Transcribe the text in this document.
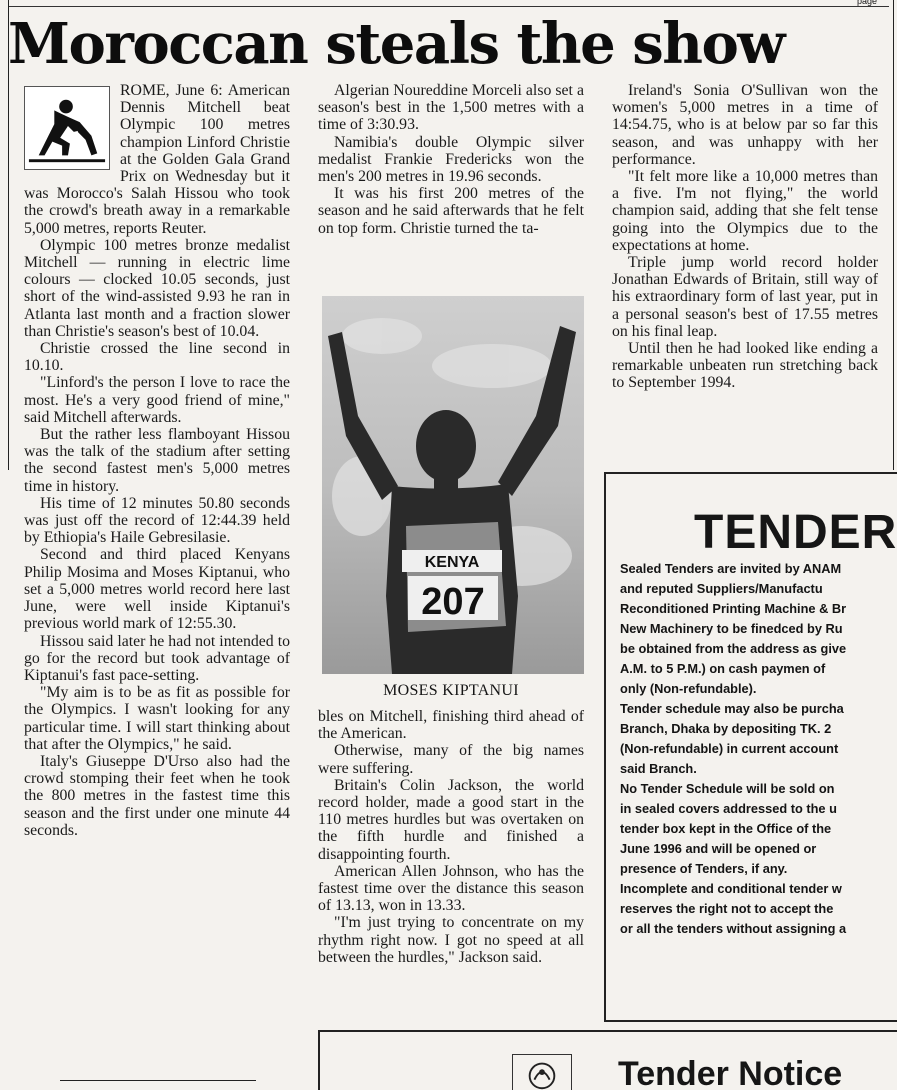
page
Moroccan steals the show

ROME, June 6: American Dennis Mitchell beat Olympic 100 metres champion Linford Christie at the Golden Gala Grand Prix on Wednesday but it was Morocco's Salah Hissou who took the crowd's breath away in a remarkable 5,000 metres, reports Reuter.

Olympic 100 metres bronze medalist Mitchell — running in electric lime colours — clocked 10.05 seconds, just short of the wind-assisted 9.93 he ran in Atlanta last month and a fraction slower than Christie's season's best of 10.04.

Christie crossed the line second in 10.10.

"Linford's the person I love to race the most. He's a very good friend of mine," said Mitchell afterwards.

But the rather less flamboyant Hissou was the talk of the stadium after setting the second fastest men's 5,000 metres time in history.

His time of 12 minutes 50.80 seconds was just off the record of 12:44.39 held by Ethiopia's Haile Gebresilasie.

Second and third placed Kenyans Philip Mosima and Moses Kiptanui, who set a 5,000 metres world record here last June, were well inside Kiptanui's previous world mark of 12:55.30.

Hissou said later he had not intended to go for the record but took advantage of Kiptanui's fast pace-setting.

"My aim is to be as fit as possible for the Olympics. I wasn't looking for any particular time. I will start thinking about that after the Olympics," he said.

Italy's Giuseppe D'Urso also had the crowd stomping their feet when he took the 800 metres in the fastest time this season and the first under one minute 44 seconds.

Algerian Noureddine Morceli also set a season's best in the 1,500 metres with a time of 3:30.93.

Namibia's double Olympic silver medalist Frankie Fredericks won the men's 200 metres in 19.96 seconds.

It was his first 200 metres of the season and he said afterwards that he felt on top form. Christie turned the ta-

KENYA
207
MOSES KIPTANUI

bles on Mitchell, finishing third ahead of the American.

Otherwise, many of the big names were suffering.

Britain's Colin Jackson, the world record holder, made a good start in the 110 metres hurdles but was overtaken on the fifth hurdle and finished a disappointing fourth.

American Allen Johnson, who has the fastest time over the distance this season of 13.13, won in 13.33.

"I'm just trying to concentrate on my rhythm right now. I got no speed at all between the hurdles," Jackson said.

Ireland's Sonia O'Sullivan won the women's 5,000 metres in a time of 14:54.75, who is at below par so far this season, and was unhappy with her performance.

"It felt more like a 10,000 metres than a five. I'm not flying," the world champion said, adding that she felt tense going into the Olympics due to the expectations at home.

Triple jump world record holder Jonathan Edwards of Britain, still way of his extraordinary form of last year, put in a personal season's best of 17.55 metres on his final leap.

Until then he had looked like ending a remarkable unbeaten run stretching back to September 1994.

TENDER

Sealed Tenders are invited by ANAM

and reputed Suppliers/Manufactu

Reconditioned Printing Machine & Br

New Machinery to be finedced by Ru

be obtained from the address as give

A.M. to 5 P.M.) on cash paymen of

only (Non-refundable).

Tender schedule may also be purcha

Branch, Dhaka by depositing TK. 2

(Non-refundable) in current account

said Branch.

No Tender Schedule will be sold on

in sealed covers addressed to the u

tender box kept in the Office of the

June 1996 and will be opened or

presence of Tenders, if any.

Incomplete and conditional tender w

reserves the right not to accept the

or all the tenders without assigning a

Tender Notice
